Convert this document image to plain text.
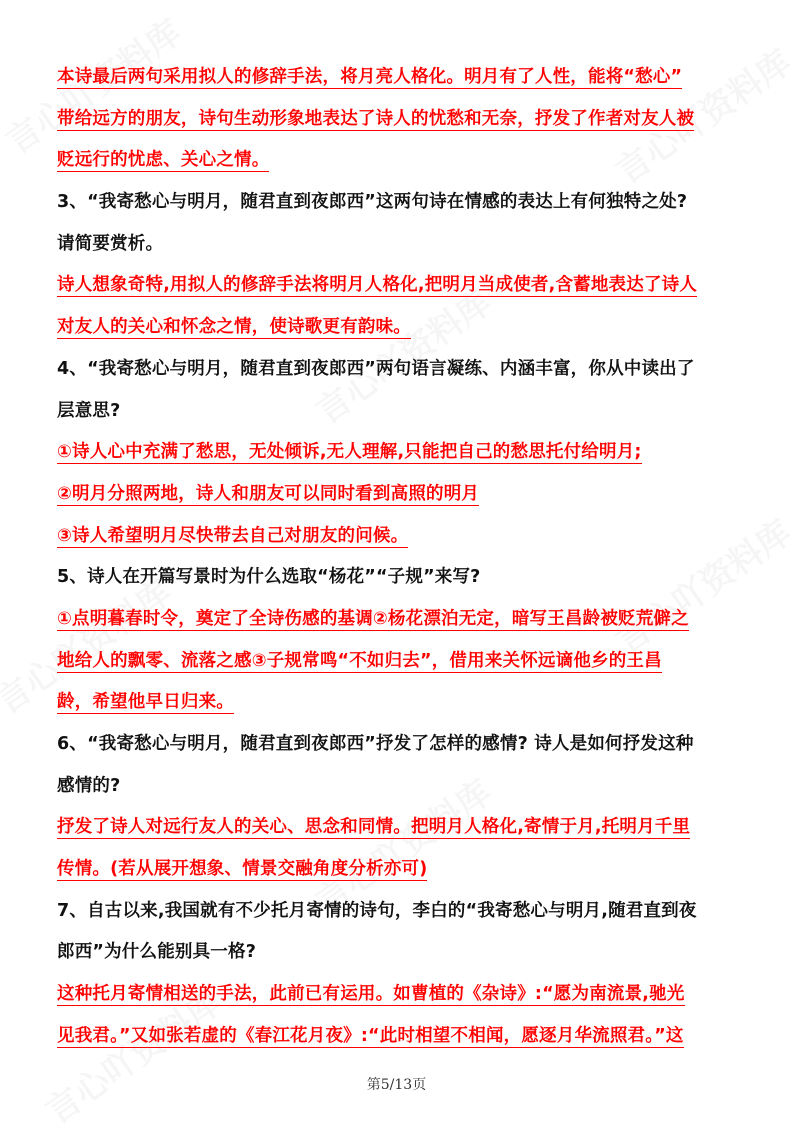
本诗最后两句采用拟人的修辞手法，将月亮人格化。明月有了人性，能将“愁心”
带给远方的朋友，诗句生动形象地表达了诗人的忧愁和无奈，抒发了作者对友人被
贬远行的忧虑、关心之情。
3、“我寄愁心与明月，随君直到夜郎西”这两句诗在情感的表达上有何独特之处?
请简要赏析。
诗人想象奇特,用拟人的修辞手法将明月人格化,把明月当成使者,含蓄地表达了诗人
对友人的关心和怀念之情，使诗歌更有韵味。
4、“我寄愁心与明月，随君直到夜郎西”两句语言凝练、内涵丰富，你从中读出了
层意思?
①诗人心中充满了愁思，无处倾诉,无人理解,只能把自己的愁思托付给明月;
②明月分照两地，诗人和朋友可以同时看到高照的明月
③诗人希望明月尽快带去自己对朋友的问候。
5、诗人在开篇写景时为什么选取“杨花”“子规”来写?
①点明暮春时令，奠定了全诗伤感的基调②杨花漂泊无定，暗写王昌龄被贬荒僻之
地给人的飘零、流落之感③子规常鸣“不如归去”，借用来关怀远谪他乡的王昌
龄，希望他早日归来。
6、“我寄愁心与明月，随君直到夜郎西”抒发了怎样的感情? 诗人是如何抒发这种
感情的?
抒发了诗人对远行友人的关心、思念和同情。把明月人格化,寄情于月,托明月千里
传情。(若从展开想象、情景交融角度分析亦可)
7、自古以来,我国就有不少托月寄情的诗句，李白的“我寄愁心与明月,随君直到夜
郎西”为什么能别具一格?
这种托月寄情相送的手法，此前已有运用。如曹植的《杂诗》:“愿为南流景,驰光
见我君。”又如张若虚的《春江花月夜》:“此时相望不相闻，愿逐月华流照君。”这
第5/13页
